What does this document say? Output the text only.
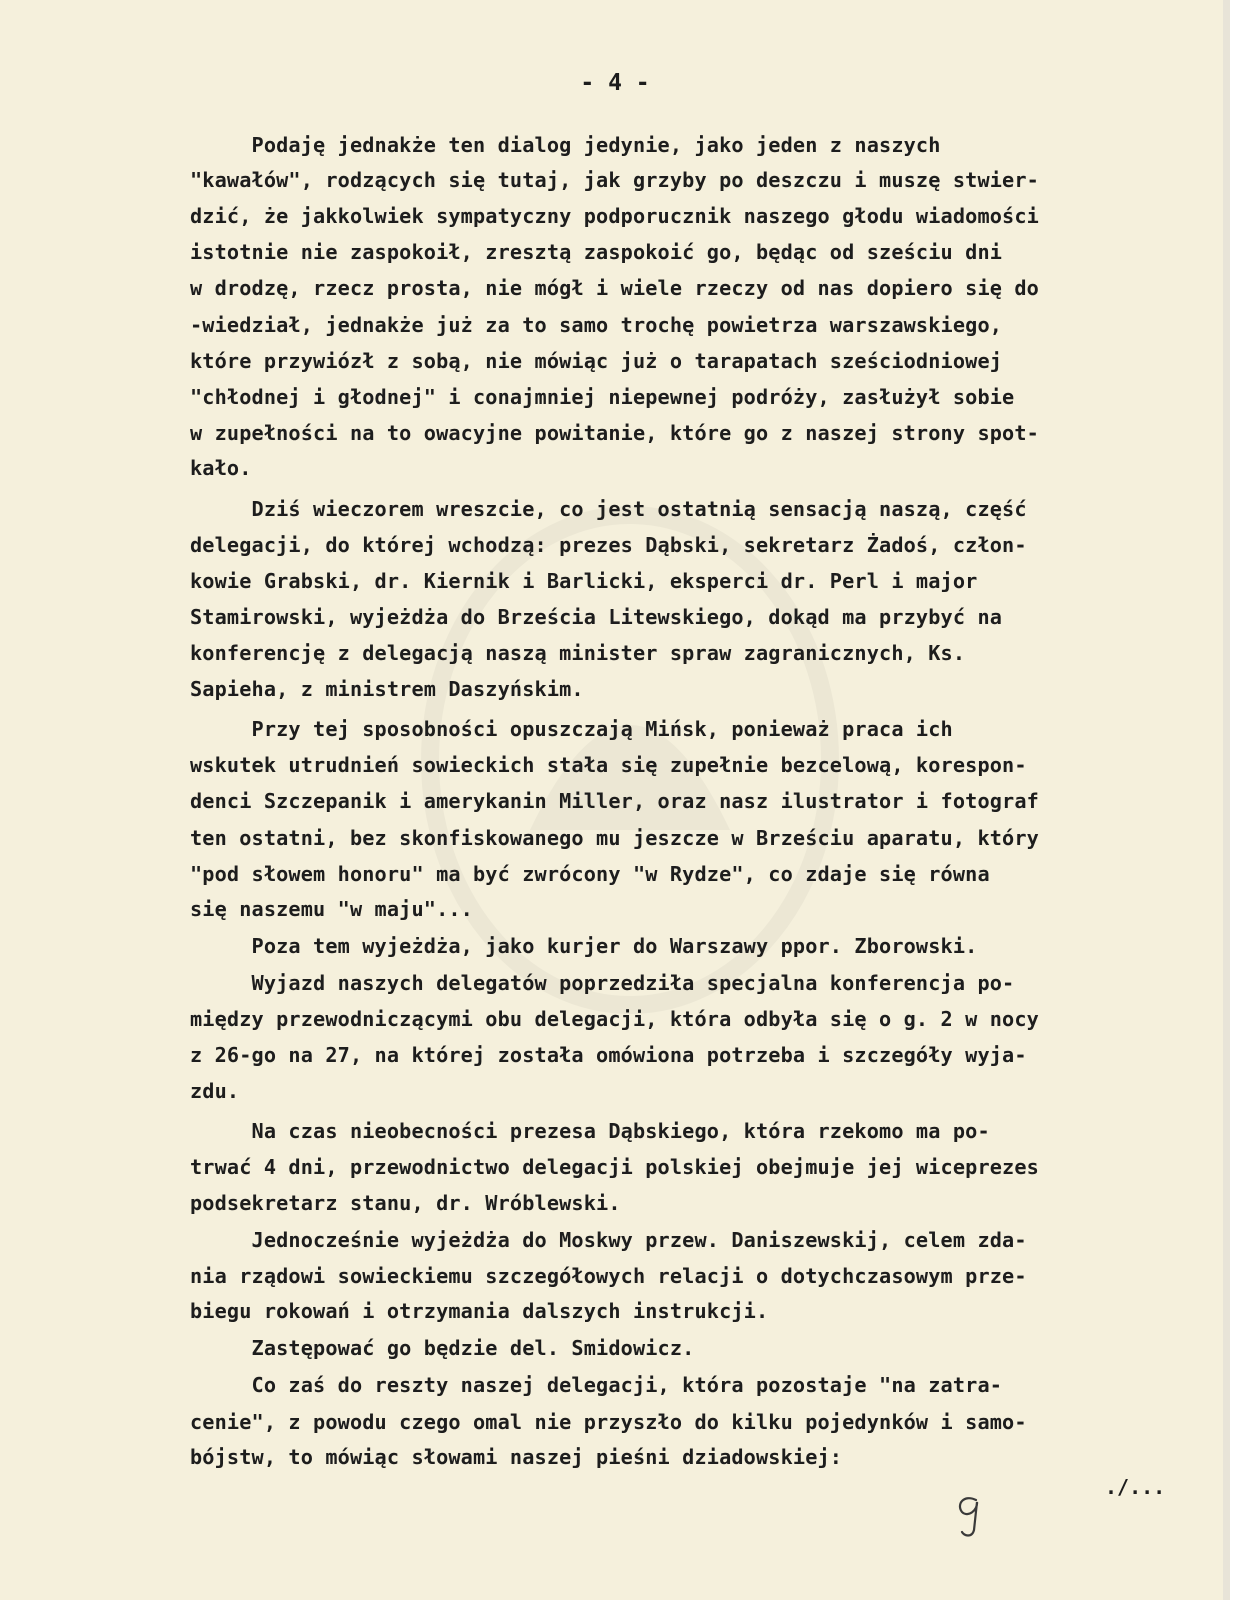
- 4 -
Podaję jednakże ten dialog jedynie, jako jeden z naszych
"kawałów", rodzących się tutaj, jak grzyby po deszczu i muszę stwier-
dzić, że jakkolwiek sympatyczny podporucznik naszego głodu wiadomości
istotnie nie zaspokoił, zresztą zaspokoić go, będąc od sześciu dni
w drodzę, rzecz prosta, nie mógł i wiele rzeczy od nas dopiero się do
-wiedział, jednakże już za to samo trochę powietrza warszawskiego,
które przywiózł z sobą, nie mówiąc już o tarapatach sześciodniowej
"chłodnej i głodnej" i conajmniej niepewnej podróży, zasłużył sobie
w zupełności na to owacyjne powitanie, które go z naszej strony spot-
kało.
Dziś wieczorem wreszcie, co jest ostatnią sensacją naszą, część
delegacji, do której wchodzą: prezes Dąbski, sekretarz Żadoś, człon-
kowie Grabski, dr. Kiernik i Barlicki, eksperci dr. Perl i major
Stamirowski, wyjeżdża do Brześcia Litewskiego, dokąd ma przybyć na
konferencję z delegacją naszą minister spraw zagranicznych, Ks.
Sapieha, z ministrem Daszyńskim.
Przy tej sposobności opuszczają Mińsk, ponieważ praca ich
wskutek utrudnień sowieckich stała się zupełnie bezcelową, korespon-
denci Szczepanik i amerykanin Miller, oraz nasz ilustrator i fotograf
ten ostatni, bez skonfiskowanego mu jeszcze w Brześciu aparatu, który
"pod słowem honoru" ma być zwrócony "w Rydze", co zdaje się równa
się naszemu "w maju"...
Poza tem wyjeżdża, jako kurjer do Warszawy ppor. Zborowski.
Wyjazd naszych delegatów poprzedziła specjalna konferencja po-
między przewodniczącymi obu delegacji, która odbyła się o g. 2 w nocy
z 26-go na 27, na której została omówiona potrzeba i szczegóły wyja-
zdu.
Na czas nieobecności prezesa Dąbskiego, która rzekomo ma po-
trwać 4 dni, przewodnictwo delegacji polskiej obejmuje jej wiceprezes
podsekretarz stanu, dr. Wróblewski.
Jednocześnie wyjeżdża do Moskwy przew. Daniszewskij, celem zda-
nia rządowi sowieckiemu szczegółowych relacji o dotychczasowym prze-
biegu rokowań i otrzymania dalszych instrukcji.
Zastępować go będzie del. Smidowicz.
Co zaś do reszty naszej delegacji, która pozostaje "na zatra-
cenie", z powodu czego omal nie przyszło do kilku pojedynków i samo-
bójstw, to mówiąc słowami naszej pieśni dziadowskiej:
./...
